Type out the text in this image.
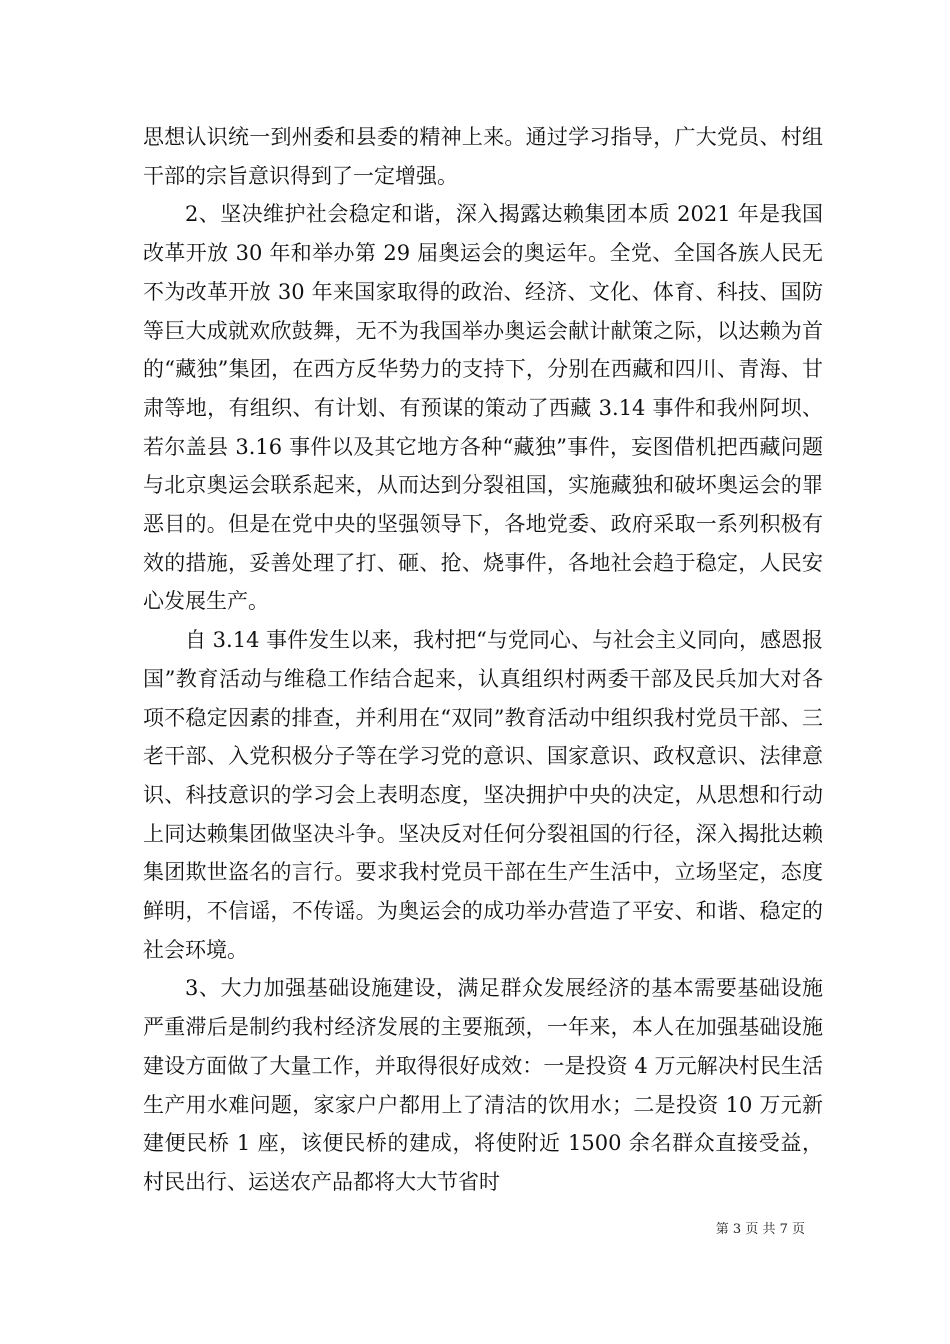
思想认识统一到州委和县委的精神上来。通过学习指导，广大党员、村组干部的宗旨意识得到了一定增强。

2、坚决维护社会稳定和谐，深入揭露达赖集团本质 2021 年是我国改革开放 30 年和举办第 29 届奥运会的奥运年。全党、全国各族人民无不为改革开放 30 年来国家取得的政治、经济、文化、体育、科技、国防等巨大成就欢欣鼓舞，无不为我国举办奥运会献计献策之际，以达赖为首的“藏独”集团，在西方反华势力的支持下，分别在西藏和四川、青海、甘肃等地，有组织、有计划、有预谋的策动了西藏 3.14 事件和我州阿坝、若尔盖县 3.16 事件以及其它地方各种“藏独”事件，妄图借机把西藏问题与北京奥运会联系起来，从而达到分裂祖国，实施藏独和破坏奥运会的罪恶目的。但是在党中央的坚强领导下，各地党委、政府采取一系列积极有效的措施，妥善处理了打、砸、抢、烧事件，各地社会趋于稳定，人民安心发展生产。

自 3.14 事件发生以来，我村把“与党同心、与社会主义同向，感恩报国”教育活动与维稳工作结合起来，认真组织村两委干部及民兵加大对各项不稳定因素的排查，并利用在“双同”教育活动中组织我村党员干部、三老干部、入党积极分子等在学习党的意识、国家意识、政权意识、法律意识、科技意识的学习会上表明态度，坚决拥护中央的决定，从思想和行动上同达赖集团做坚决斗争。坚决反对任何分裂祖国的行径，深入揭批达赖集团欺世盗名的言行。要求我村党员干部在生产生活中，立场坚定，态度鲜明，不信谣，不传谣。为奥运会的成功举办营造了平安、和谐、稳定的社会环境。

3、大力加强基础设施建设，满足群众发展经济的基本需要基础设施严重滞后是制约我村经济发展的主要瓶颈，一年来，本人在加强基础设施建设方面做了大量工作，并取得很好成效：一是投资 4 万元解决村民生活生产用水难问题，家家户户都用上了清洁的饮用水；二是投资 10 万元新建便民桥 1 座，该便民桥的建成，将使附近 1500 余名群众直接受益，村民出行、运送农产品都将大大节省时

第 3 页 共 7 页
